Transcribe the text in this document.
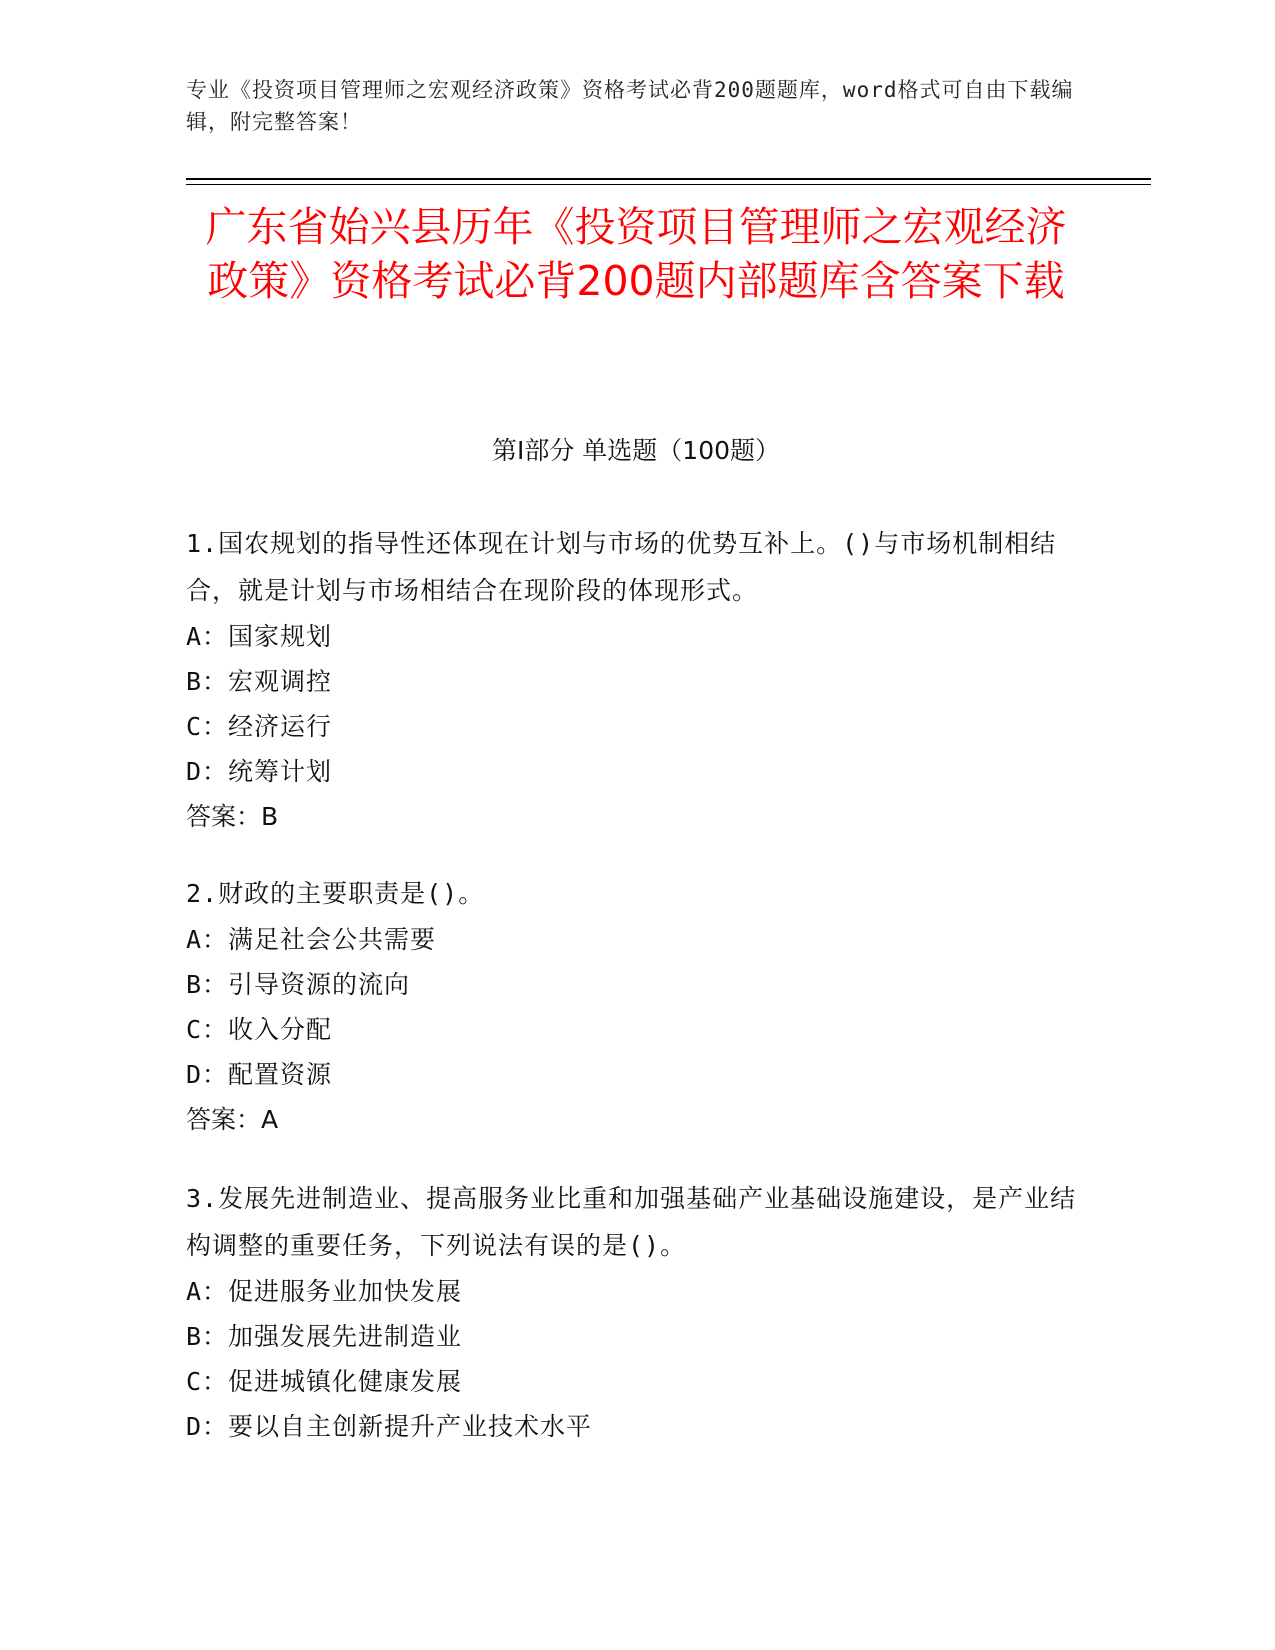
专业《投资项目管理师之宏观经济政策》资格考试必背200题题库，word格式可自由下载编辑，附完整答案！
广东省始兴县历年《投资项目管理师之宏观经济政策》资格考试必背200题内部题库含答案下载
第Ⅰ部分 单选题（100题）

1.国农规划的指导性还体现在计划与市场的优势互补上。()与市场机制相结合，就是计划与市场相结合在现阶段的体现形式。

A：国家规划

B：宏观调控

C：经济运行

D：统筹计划

答案：B

2.财政的主要职责是()。

A：满足社会公共需要

B：引导资源的流向

C：收入分配

D：配置资源

答案：A

3.发展先进制造业、提高服务业比重和加强基础产业基础设施建设，是产业结构调整的重要任务，下列说法有误的是()。

A：促进服务业加快发展

B：加强发展先进制造业

C：促进城镇化健康发展

D：要以自主创新提升产业技术水平
